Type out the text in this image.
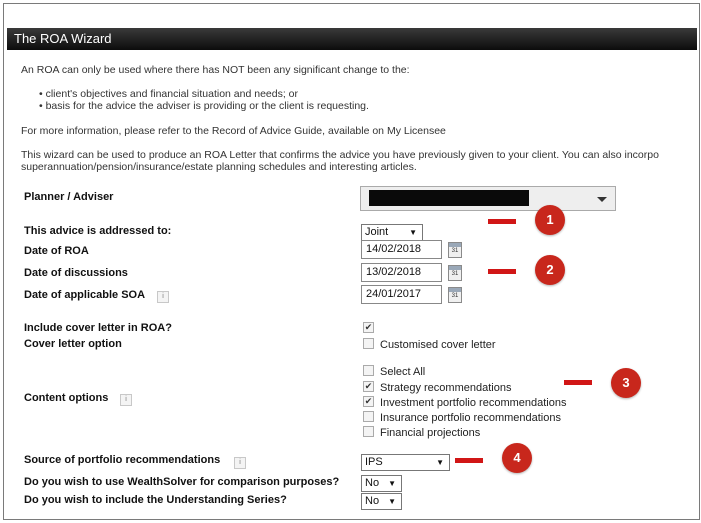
The ROA Wizard
An ROA can only be used where there has NOT been any significant change to the:
• client's objectives and financial situation and needs; or
• basis for the advice the adviser is providing or the client is requesting.
For more information, please refer to the Record of Advice Guide, available on My Licensee
This wizard can be used to produce an ROA Letter that confirms the advice you have previously given to your client. You can also incorpo
superannuation/pension/insurance/estate planning schedules and interesting articles.
Planner / Adviser
This advice is addressed to:	Joint	▼
Date of ROA	14/02/2018	31
Date of discussions	13/02/2018	31
Date of applicable SOA	i	24/01/2017	31
Include cover letter in ROA?	✔
Cover letter option	Customised cover letter
Content options	i
Select All
✔ Strategy recommendations
✔ Investment portfolio recommendations
Insurance portfolio recommendations
Financial projections
Source of portfolio recommendations	i	IPS	▼
Do you wish to use WealthSolver for comparison purposes?	No ▼
Do you wish to include the Understanding Series?	No ▼
1
2
3
4
